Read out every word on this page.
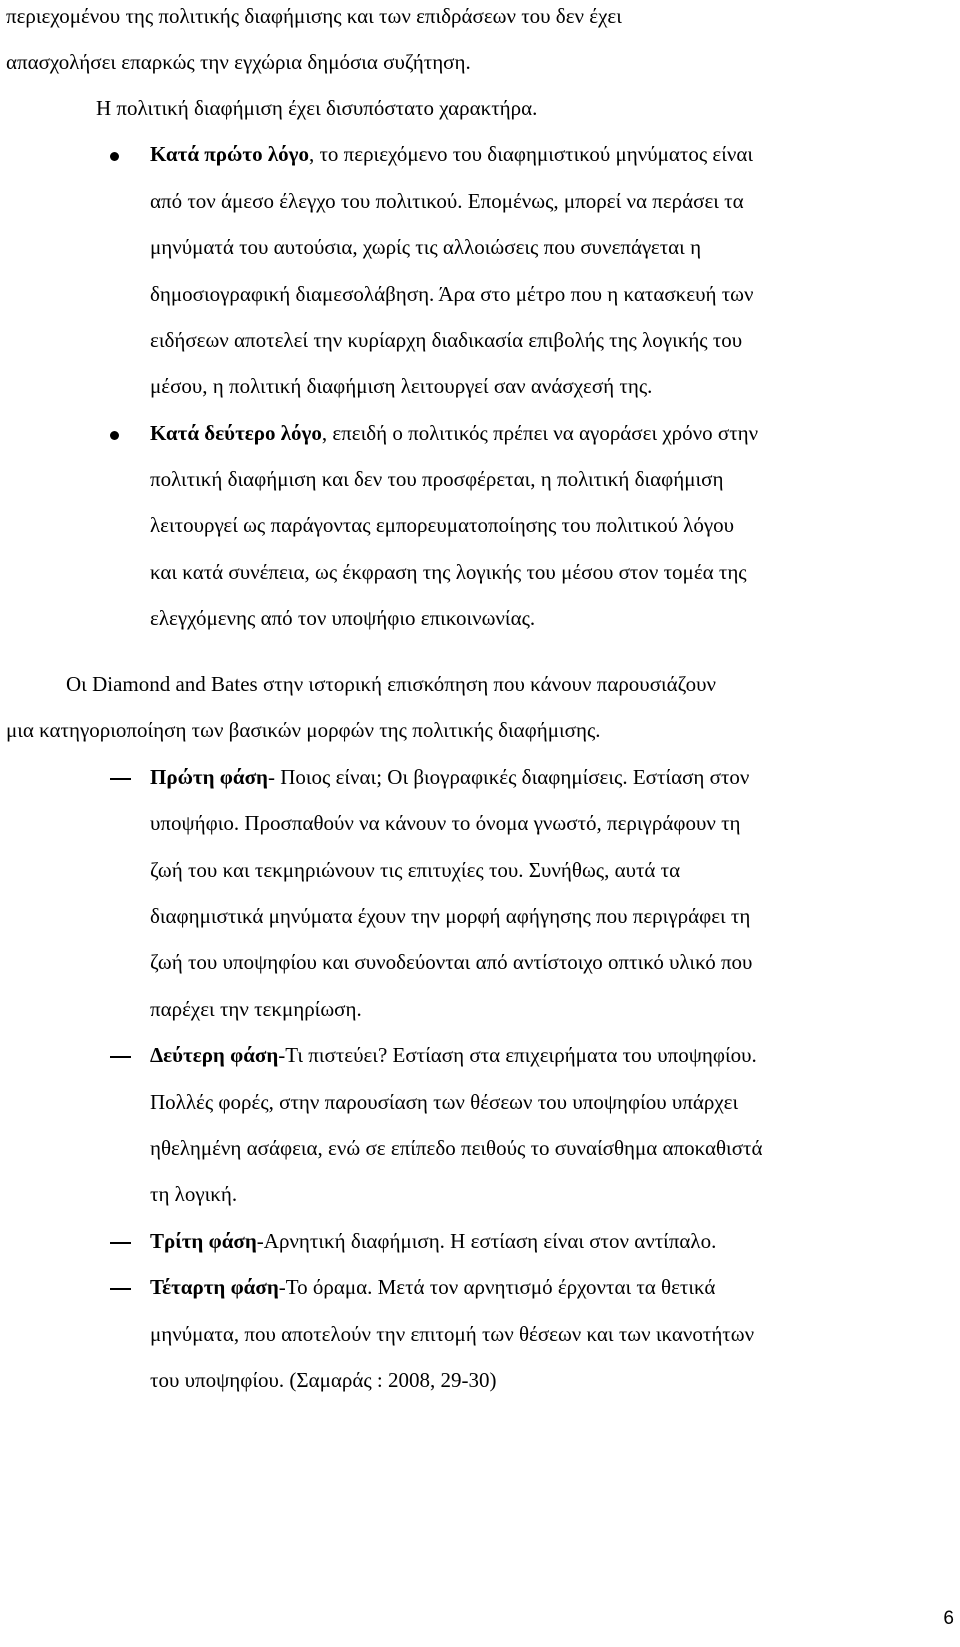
περιεχομένου της πολιτικής διαφήμισης και των επιδράσεων του δεν έχει
απασχολήσει επαρκώς την εγχώρια δημόσια συζήτηση.
Η πολιτική διαφήμιση έχει δισυπόστατο χαρακτήρα.
Κατά πρώτο λόγο, το περιεχόμενο του διαφημιστικού μηνύματος είναι
από τον άμεσο έλεγχο του πολιτικού. Επομένως, μπορεί να περάσει τα
μηνύματά του αυτούσια, χωρίς τις αλλοιώσεις που συνεπάγεται η
δημοσιογραφική διαμεσολάβηση. Άρα στο μέτρο που η κατασκευή των
ειδήσεων αποτελεί την κυρίαρχη διαδικασία επιβολής της λογικής του
μέσου, η πολιτική διαφήμιση λειτουργεί σαν ανάσχεσή της.
Κατά δεύτερο λόγο, επειδή ο πολιτικός πρέπει να αγοράσει χρόνο στην
πολιτική διαφήμιση και δεν του προσφέρεται, η πολιτική διαφήμιση
λειτουργεί ως παράγοντας εμπορευματοποίησης του πολιτικού λόγου
και κατά συνέπεια, ως έκφραση της λογικής του μέσου στον τομέα της
ελεγχόμενης από τον υποψήφιο επικοινωνίας.
Οι Diamond and Bates στην ιστορική επισκόπηση που κάνουν παρουσιάζουν
μια κατηγοριοποίηση των βασικών μορφών της πολιτικής διαφήμισης.
Πρώτη φάση- Ποιος είναι; Οι βιογραφικές διαφημίσεις. Εστίαση στον
υποψήφιο. Προσπαθούν να κάνουν το όνομα γνωστό, περιγράφουν τη
ζωή του και τεκμηριώνουν τις επιτυχίες του. Συνήθως, αυτά τα
διαφημιστικά μηνύματα έχουν την μορφή αφήγησης που περιγράφει τη
ζωή του υποψηφίου και συνοδεύονται από αντίστοιχο οπτικό υλικό που
παρέχει την τεκμηρίωση.
Δεύτερη φάση-Τι πιστεύει? Εστίαση στα επιχειρήματα του υποψηφίου.
Πολλές φορές, στην παρουσίαση των θέσεων του υποψηφίου υπάρχει
ηθελημένη ασάφεια, ενώ σε επίπεδο πειθούς το συναίσθημα αποκαθιστά
τη λογική.
Τρίτη φάση-Αρνητική διαφήμιση. Η εστίαση είναι στον αντίπαλο.
Τέταρτη φάση-Το όραμα. Μετά τον αρνητισμό έρχονται τα θετικά
μηνύματα, που αποτελούν την επιτομή των θέσεων και των ικανοτήτων
του υποψηφίου. (Σαμαράς : 2008, 29-30)
6
